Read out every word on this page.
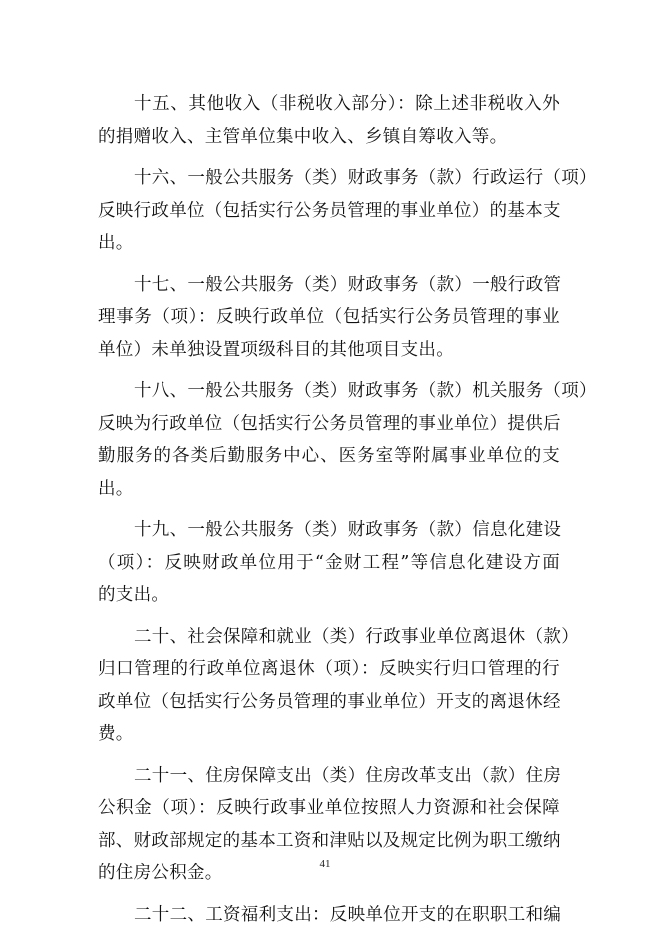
十五、其他收入（非税收入部分）：除上述非税收入外
的捐赠收入、主管单位集中收入、乡镇自筹收入等。
十六、一般公共服务（类）财政事务（款）行政运行（项）
反映行政单位（包括实行公务员管理的事业单位）的基本支
出。
十七、一般公共服务（类）财政事务（款）一般行政管
理事务（项）：反映行政单位（包括实行公务员管理的事业
单位）未单独设置项级科目的其他项目支出。
十八、一般公共服务（类）财政事务（款）机关服务（项）
反映为行政单位（包括实行公务员管理的事业单位）提供后
勤服务的各类后勤服务中心、医务室等附属事业单位的支
出。
十九、一般公共服务（类）财政事务（款）信息化建设
（项）：反映财政单位用于“金财工程”等信息化建设方面
的支出。
二十、社会保障和就业（类）行政事业单位离退休（款）
归口管理的行政单位离退休（项）：反映实行归口管理的行
政单位（包括实行公务员管理的事业单位）开支的离退休经
费。
二十一、住房保障支出（类）住房改革支出（款）住房
公积金（项）：反映行政事业单位按照人力资源和社会保障
部、财政部规定的基本工资和津贴以及规定比例为职工缴纳
的住房公积金。
二十二、工资福利支出：反映单位开支的在职职工和编
41
